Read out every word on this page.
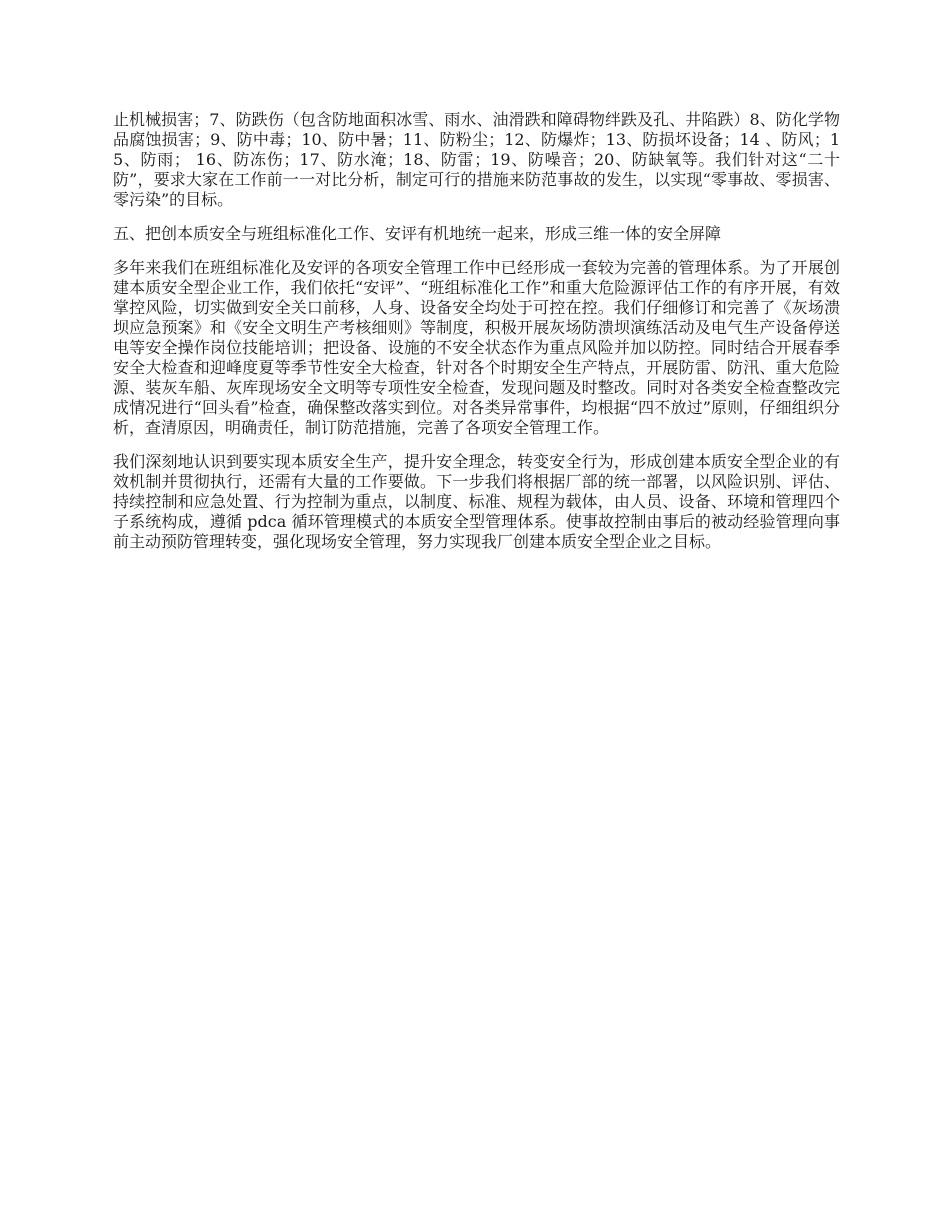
止机械损害；7、防跌伤（包含防地面积冰雪、雨水、油滑跌和障碍物绊跌及孔、井陷跌）8、防化学物品腐蚀损害；9、防中毒；10、防中暑；11、防粉尘；12、防爆炸；13、防损坏设备；14 、防风；15、防雨； 16、防冻伤；17、防水淹；18、防雷；19、防噪音；20、防缺氧等。我们针对这“二十防”，要求大家在工作前一一对比分析，制定可行的措施来防范事故的发生，以实现“零事故、零损害、零污染”的目标。

五、把创本质安全与班组标准化工作、安评有机地统一起来，形成三维一体的安全屏障

多年来我们在班组标准化及安评的各项安全管理工作中已经形成一套较为完善的管理体系。为了开展创建本质安全型企业工作，我们依托“安评”、“班组标准化工作”和重大危险源评估工作的有序开展，有效掌控风险，切实做到安全关口前移，人身、设备安全均处于可控在控。我们仔细修订和完善了《灰场溃坝应急预案》和《安全文明生产考核细则》等制度，积极开展灰场防溃坝演练活动及电气生产设备停送电等安全操作岗位技能培训；把设备、设施的不安全状态作为重点风险并加以防控。同时结合开展春季安全大检查和迎峰度夏等季节性安全大检查，针对各个时期安全生产特点，开展防雷、防汛、重大危险源、装灰车船、灰库现场安全文明等专项性安全检查，发现问题及时整改。同时对各类安全检查整改完成情况进行“回头看”检查，确保整改落实到位。对各类异常事件，均根据“四不放过”原则，仔细组织分析，查清原因，明确责任，制订防范措施，完善了各项安全管理工作。

我们深刻地认识到要实现本质安全生产，提升安全理念，转变安全行为，形成创建本质安全型企业的有效机制并贯彻执行，还需有大量的工作要做。下一步我们将根据厂部的统一部署，以风险识别、评估、持续控制和应急处置、行为控制为重点，以制度、标准、规程为载体，由人员、设备、环境和管理四个子系统构成，遵循 pdca 循环管理模式的本质安全型管理体系。使事故控制由事后的被动经验管理向事前主动预防管理转变，强化现场安全管理，努力实现我厂创建本质安全型企业之目标。
